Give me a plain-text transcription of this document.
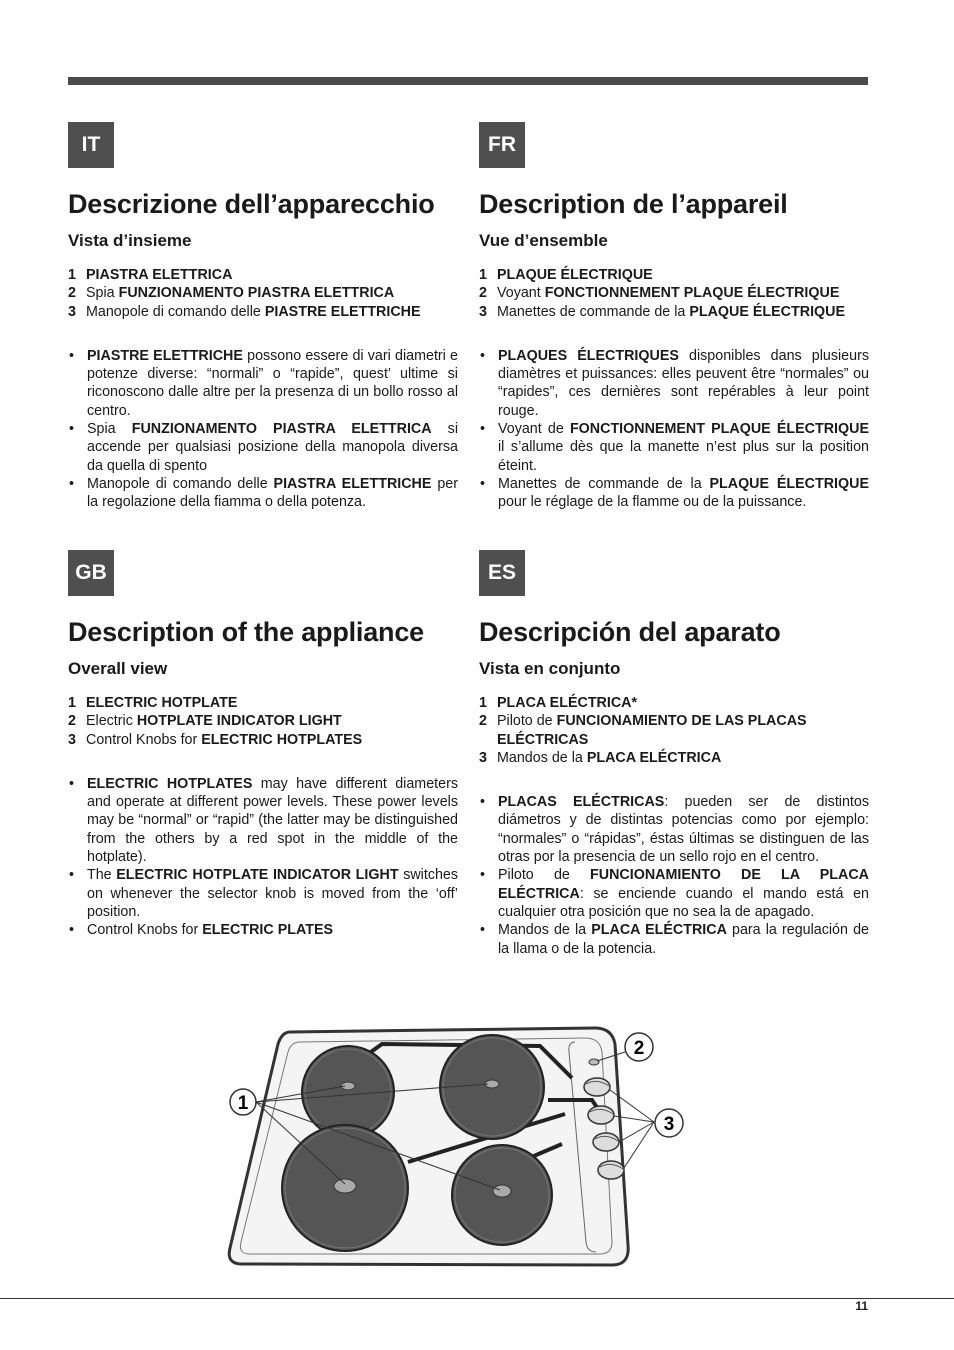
IT
Descrizione dell’apparecchio
Vista d’insieme
1 PIASTRA ELETTRICA
2 Spia FUNZIONAMENTO PIASTRA ELETTRICA
3 Manopole di comando delle PIASTRE ELETTRICHE
• PIASTRE ELETTRICHE possono essere di vari diametri e potenze diverse: “normali” o “rapide”, quest’ ultime si riconoscono dalle altre per la presenza di un bollo rosso al centro.
• Spia FUNZIONAMENTO PIASTRA ELETTRICA si accende per qualsiasi posizione della manopola diversa da quella di spento
• Manopole di comando delle PIASTRA ELETTRICHE per la regolazione della fiamma o della potenza.
FR
Description de l’appareil
Vue d’ensemble
1 PLAQUE ÉLECTRIQUE
2 Voyant FONCTIONNEMENT PLAQUE ÉLECTRIQUE
3 Manettes de commande de la PLAQUE ÉLECTRIQUE
• PLAQUES ÉLECTRIQUES disponibles dans plusieurs diamètres et puissances: elles peuvent être “normales” ou “rapides”, ces dernières sont repérables à leur point rouge.
• Voyant de FONCTIONNEMENT PLAQUE ÉLECTRIQUE il s’allume dès que la manette n’est plus sur la position éteint.
• Manettes de commande de la PLAQUE ÉLECTRIQUE pour le réglage de la flamme ou de la puissance.
GB
Description of the appliance
Overall view
1 ELECTRIC HOTPLATE
2 Electric HOTPLATE INDICATOR LIGHT
3 Control Knobs for ELECTRIC HOTPLATES
• ELECTRIC HOTPLATES may have different diameters and operate at different power levels. These power levels may be “normal” or “rapid” (the latter may be distinguished from the others by a red spot in the middle of the hotplate).
• The ELECTRIC HOTPLATE INDICATOR LIGHT switches on whenever the selector knob is moved from the ‘off’ position.
• Control Knobs for ELECTRIC PLATES
ES
Descripción del aparato
Vista en conjunto
1 PLACA ELÉCTRICA*
2 Piloto de FUNCIONAMIENTO DE LAS PLACAS ELÉCTRICAS
3 Mandos de la PLACA ELÉCTRICA
• PLACAS ELÉCTRICAS: pueden ser de distintos diámetros y de distintas potencias como por ejemplo: “normales” o “rápidas”, éstas últimas se distinguen de las otras por la presencia de un sello rojo en el centro.
• Piloto de FUNCIONAMIENTO DE LA PLACA ELÉCTRICA: se enciende cuando el mando está en cualquier otra posición que no sea la de apagado.
• Mandos de la PLACA ELÉCTRICA para la regulación de la llama o de la potencia.
1
2
3
11
